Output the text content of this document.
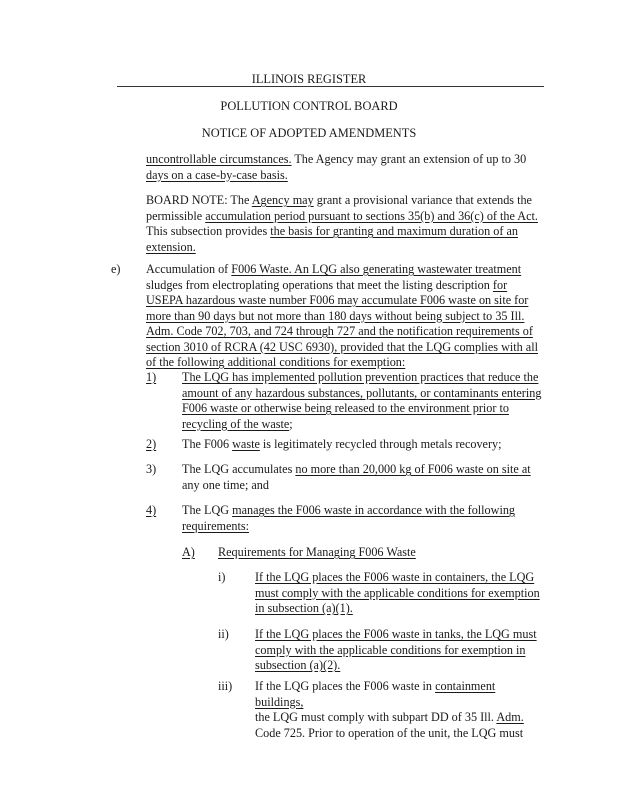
ILLINOIS REGISTER
POLLUTION CONTROL BOARD
NOTICE OF ADOPTED AMENDMENTS
uncontrollable circumstances. The Agency may grant an extension of up to 30
days on a case-by-case basis.
BOARD NOTE: The Agency may grant a provisional variance that extends the
permissible accumulation period pursuant to sections 35(b) and 36(c) of the Act.
This subsection provides the basis for granting and maximum duration of an
extension.
e) Accumulation of F006 Waste. An LQG also generating wastewater treatment
sludges from electroplating operations that meet the listing description for
USEPA hazardous waste number F006 may accumulate F006 waste on site for
more than 90 days but not more than 180 days without being subject to 35 Ill.
Adm. Code 702, 703, and 724 through 727 and the notification requirements of
section 3010 of RCRA (42 USC 6930), provided that the LQG complies with all
of the following additional conditions for exemption:
1) The LQG has implemented pollution prevention practices that reduce the
amount of any hazardous substances, pollutants, or contaminants entering
F006 waste or otherwise being released to the environment prior to
recycling of the waste;
2) The F006 waste is legitimately recycled through metals recovery;
3) The LQG accumulates no more than 20,000 kg of F006 waste on site at
any one time; and
4) The LQG manages the F006 waste in accordance with the following
requirements:
A) Requirements for Managing F006 Waste
i) If the LQG places the F006 waste in containers, the LQG
must comply with the applicable conditions for exemption
in subsection (a)(1).
ii) If the LQG places the F006 waste in tanks, the LQG must
comply with the applicable conditions for exemption in
subsection (a)(2).
iii) If the LQG places the F006 waste in containment buildings,
the LQG must comply with subpart DD of 35 Ill. Adm.
Code 725. Prior to operation of the unit, the LQG must
